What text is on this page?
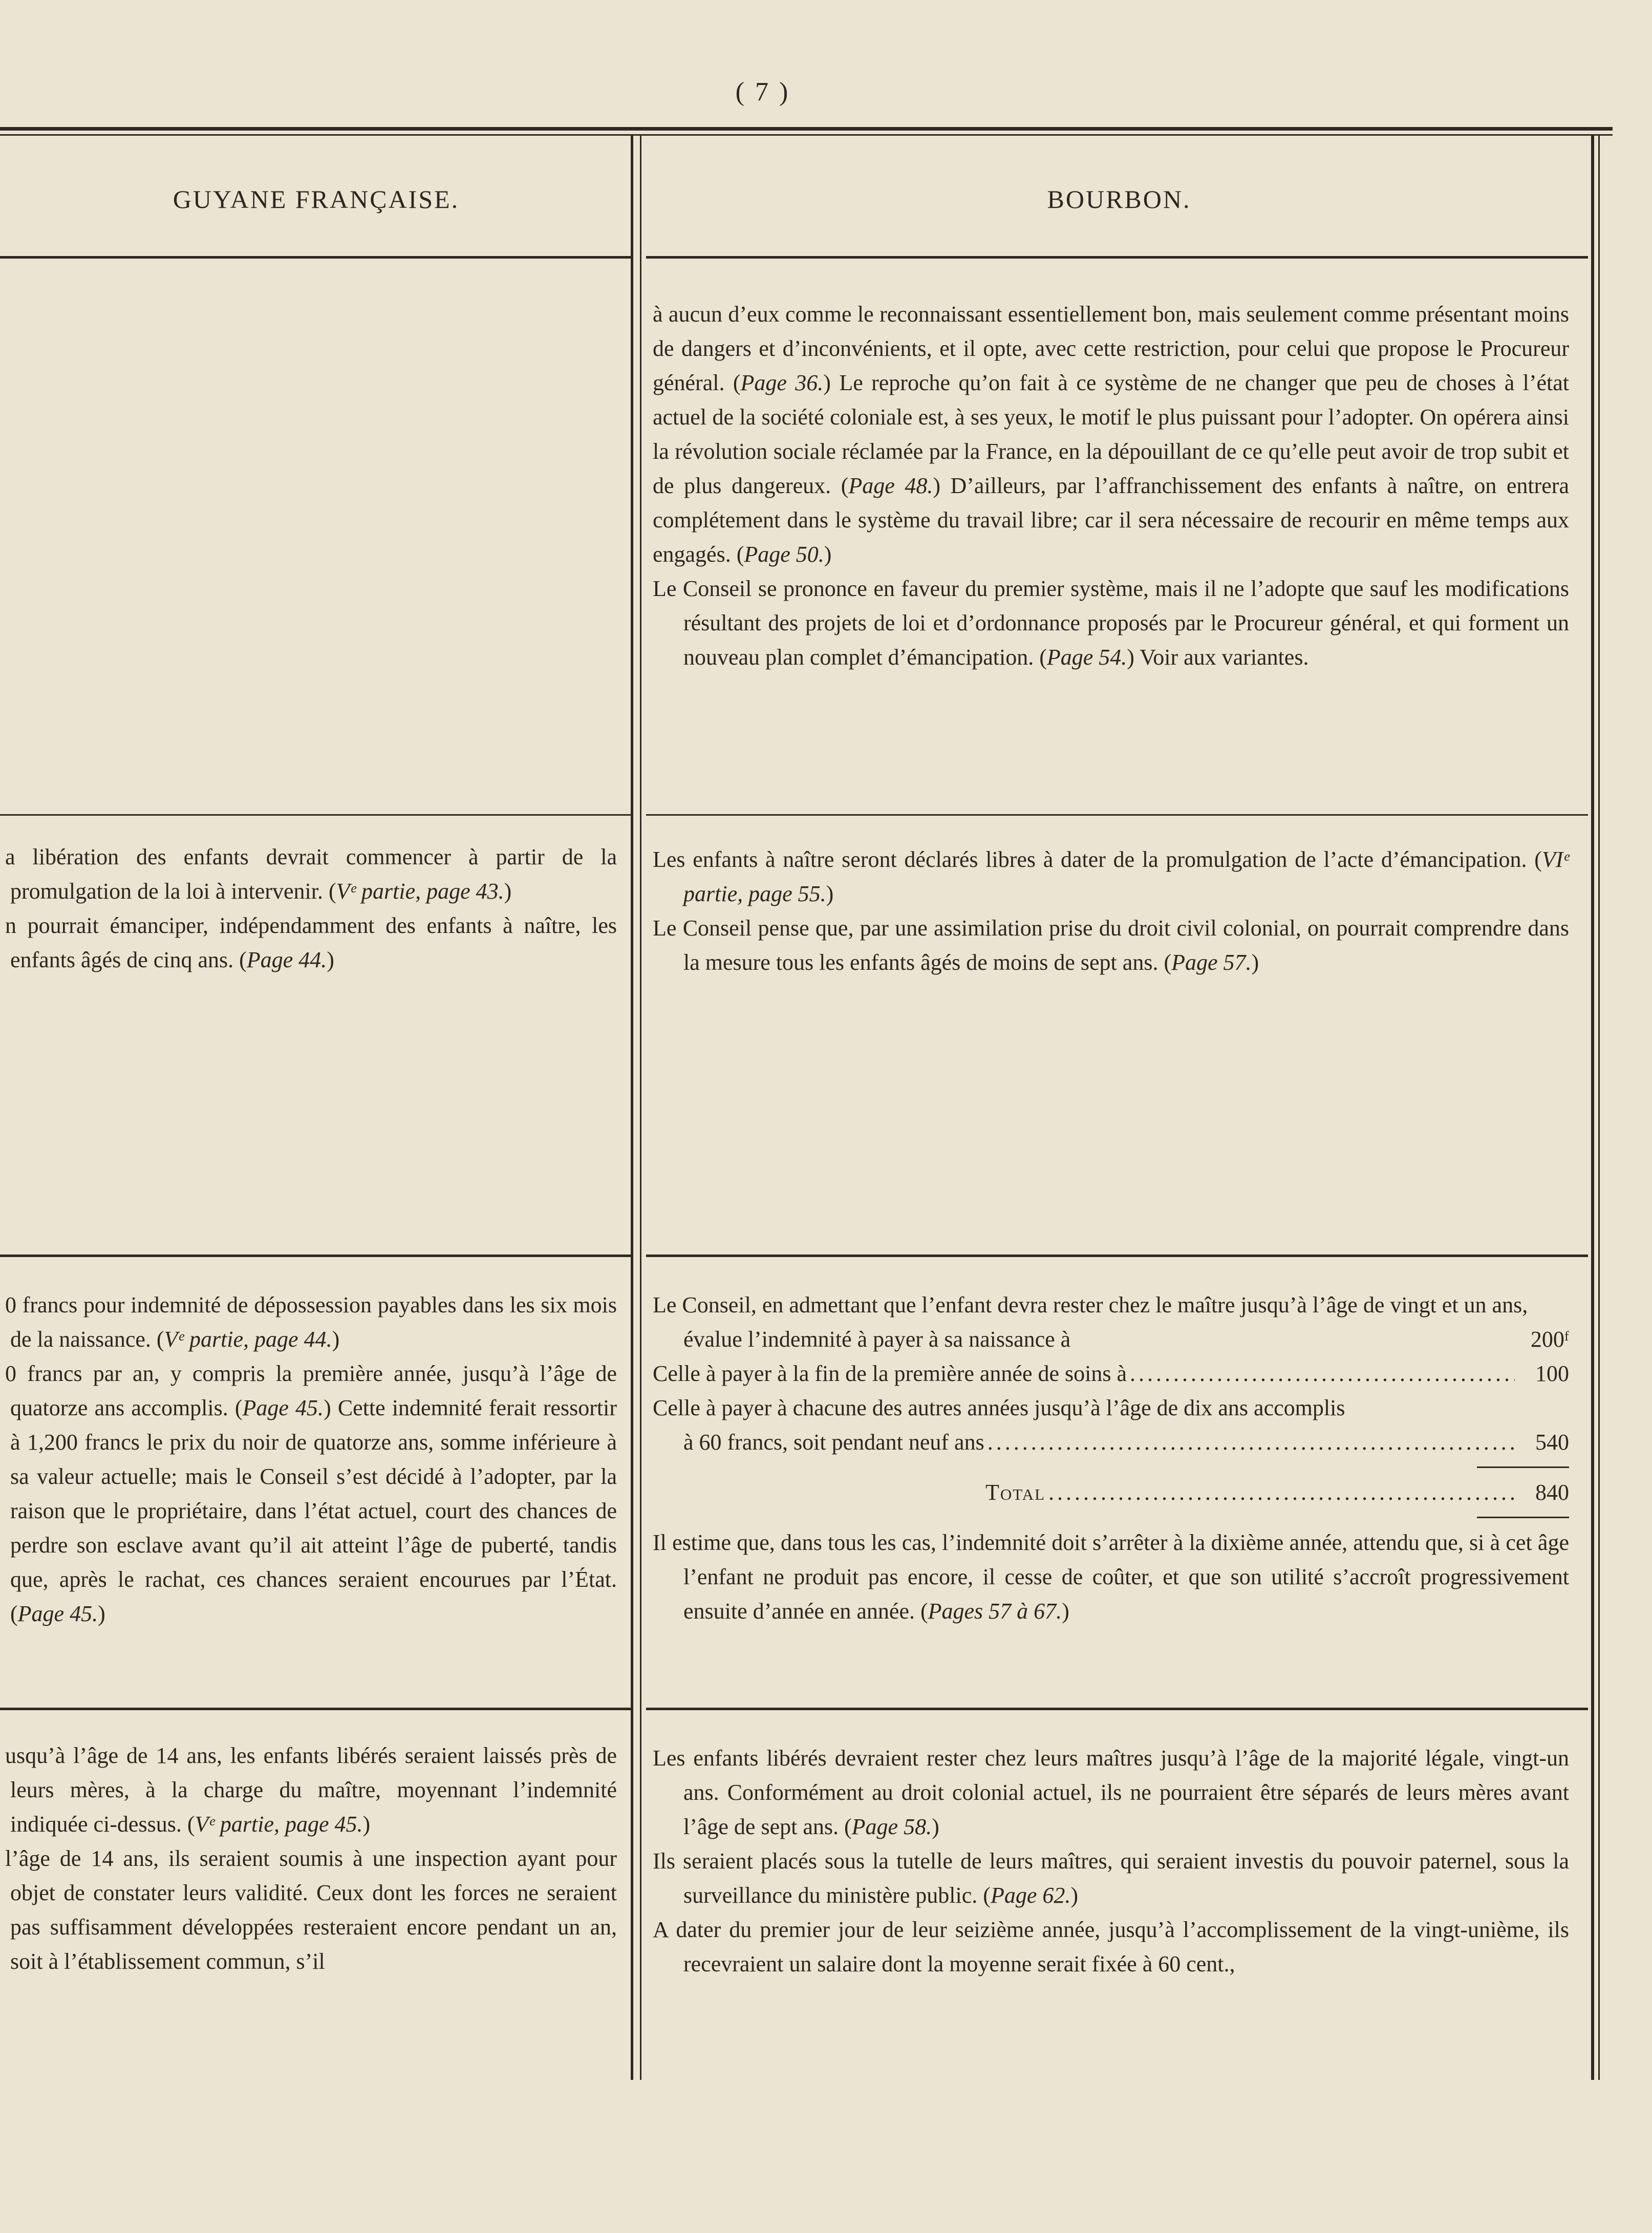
( 7 )
GUYANE FRANÇAISE.	BOURBON.

à aucun d’eux comme le reconnaissant essentiellement bon, mais seulement comme présentant moins de dangers et d’inconvénients, et il opte, avec cette restriction, pour celui que propose le Procureur général. (Page 36.) Le reproche qu’on fait à ce système de ne changer que peu de choses à l’état actuel de la société coloniale est, à ses yeux, le motif le plus puissant pour l’adopter. On opérera ainsi la révolution sociale réclamée par la France, en la dépouillant de ce qu’elle peut avoir de trop subit et de plus dangereux. (Page 48.) D’ailleurs, par l’affranchissement des enfants à naître, on entrera complétement dans le système du travail libre; car il sera nécessaire de recourir en même temps aux engagés. (Page 50.)

Le Conseil se prononce en faveur du premier système, mais il ne l’adopte que sauf les modifications résultant des projets de loi et d’ordonnance proposés par le Procureur général, et qui forment un nouveau plan complet d’émancipation. (Page 54.) Voir aux variantes.

a libération des enfants devrait commencer à partir de la promulgation de la loi à intervenir. (Vᵉ partie, page 43.)

n pourrait émanciper, indépendamment des enfants à naître, les enfants âgés de cinq ans. (Page 44.)

Les enfants à naître seront déclarés libres à dater de la promulgation de l’acte d’émancipation. (VIᵉ partie, page 55.)

Le Conseil pense que, par une assimilation prise du droit civil colonial, on pourrait comprendre dans la mesure tous les enfants âgés de moins de sept ans. (Page 57.)

0 francs pour indemnité de dépossession payables dans les six mois de la naissance. (Vᵉ partie, page 44.)

0 francs par an, y compris la première année, jusqu’à l’âge de quatorze ans accomplis. (Page 45.) Cette indemnité ferait ressortir à 1,200 francs le prix du noir de quatorze ans, somme inférieure à sa valeur actuelle; mais le Conseil s’est décidé à l’adopter, par la raison que le propriétaire, dans l’état actuel, court des chances de perdre son esclave avant qu’il ait atteint l’âge de puberté, tandis que, après le rachat, ces chances seraient encourues par l’État. (Page 45.)

Le Conseil, en admettant que l’enfant devra rester chez le maître jusqu’à l’âge de vingt et un ans, évalue l’indemnité à payer à sa naissance à	200ᶠ
Celle à payer à la fin de la première année de soins à .....	100
Celle à payer à chacune des autres années jusqu’à l’âge de dix ans accomplis
à 60 francs, soit pendant neuf ans .....	540
Total .....	840

Il estime que, dans tous les cas, l’indemnité doit s’arrêter à la dixième année, attendu que, si à cet âge l’enfant ne produit pas encore, il cesse de coûter, et que son utilité s’accroît progressivement ensuite d’année en année. (Pages 57 à 67.)

usqu’à l’âge de 14 ans, les enfants libérés seraient laissés près de leurs mères, à la charge du maître, moyennant l’indemnité indiquée ci-dessus. (Vᵉ partie, page 45.)

l’âge de 14 ans, ils seraient soumis à une inspection ayant pour objet de constater leurs validité. Ceux dont les forces ne seraient pas suffisamment développées resteraient encore pendant un an, soit à l’établissement commun, s’il

Les enfants libérés devraient rester chez leurs maîtres jusqu’à l’âge de la majorité légale, vingt-un ans. Conformément au droit colonial actuel, ils ne pourraient être séparés de leurs mères avant l’âge de sept ans. (Page 58.)

Ils seraient placés sous la tutelle de leurs maîtres, qui seraient investis du pouvoir paternel, sous la surveillance du ministère public. (Page 62.)

A dater du premier jour de leur seizième année, jusqu’à l’accomplissement de la vingt-unième, ils recevraient un salaire dont la moyenne serait fixée à 60 cent.,
